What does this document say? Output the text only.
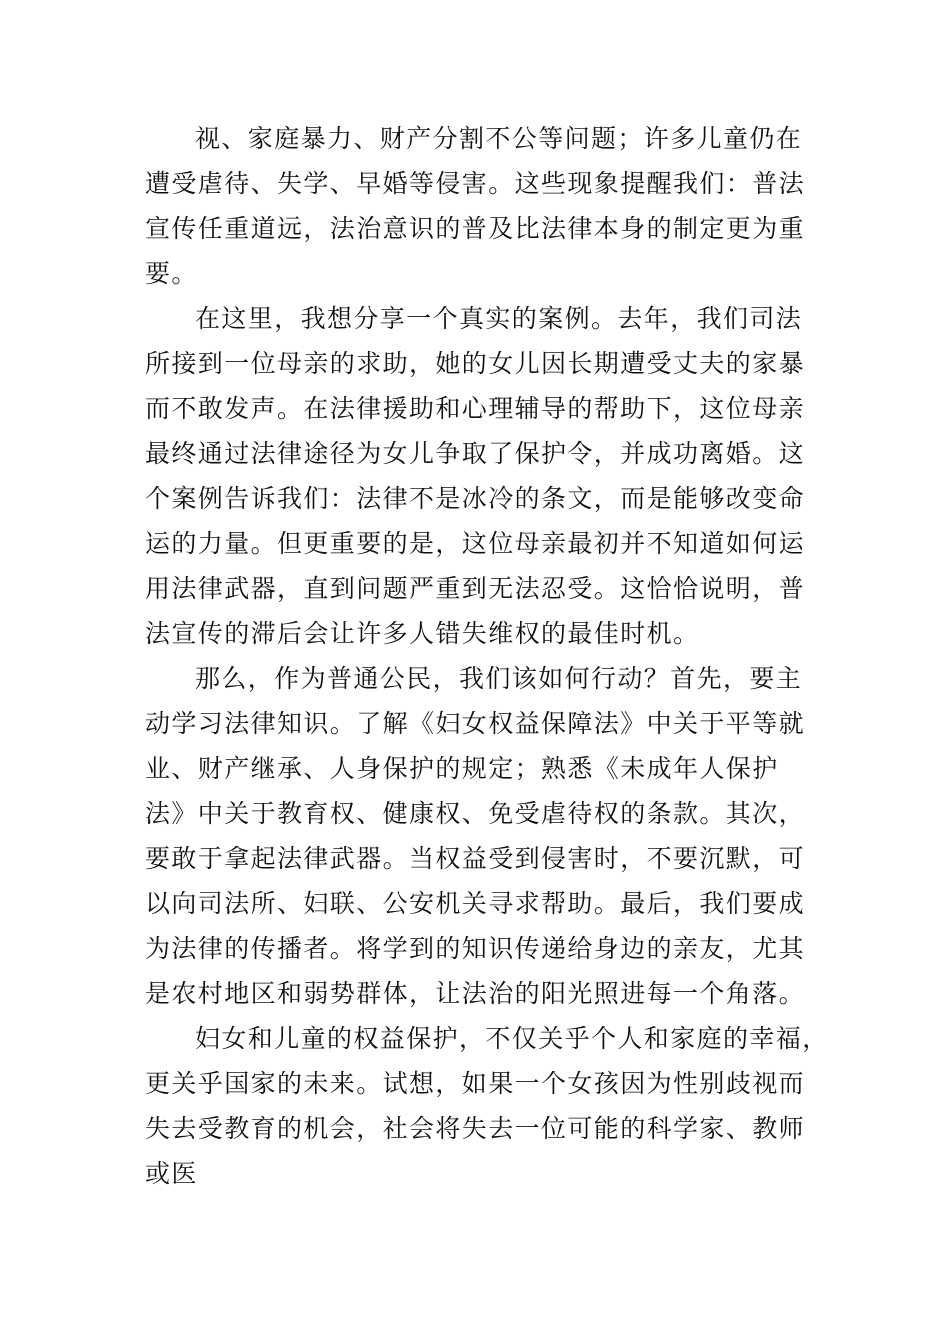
视、家庭暴力、财产分割不公等问题；许多儿童仍在
遭受虐待、失学、早婚等侵害。这些现象提醒我们：普法
宣传任重道远，法治意识的普及比法律本身的制定更为重
要。
在这里，我想分享一个真实的案例。去年，我们司法
所接到一位母亲的求助，她的女儿因长期遭受丈夫的家暴
而不敢发声。在法律援助和心理辅导的帮助下，这位母亲
最终通过法律途径为女儿争取了保护令，并成功离婚。这
个案例告诉我们：法律不是冰冷的条文，而是能够改变命
运的力量。但更重要的是，这位母亲最初并不知道如何运
用法律武器，直到问题严重到无法忍受。这恰恰说明，普
法宣传的滞后会让许多人错失维权的最佳时机。
那么，作为普通公民，我们该如何行动？首先，要主
动学习法律知识。了解《妇女权益保障法》中关于平等就
业、财产继承、人身保护的规定；熟悉《未成年人保护
法》中关于教育权、健康权、免受虐待权的条款。其次，
要敢于拿起法律武器。当权益受到侵害时，不要沉默，可
以向司法所、妇联、公安机关寻求帮助。最后，我们要成
为法律的传播者。将学到的知识传递给身边的亲友，尤其
是农村地区和弱势群体，让法治的阳光照进每一个角落。
妇女和儿童的权益保护，不仅关乎个人和家庭的幸福，
更关乎国家的未来。试想，如果一个女孩因为性别歧视而
失去受教育的机会，社会将失去一位可能的科学家、教师
或医
